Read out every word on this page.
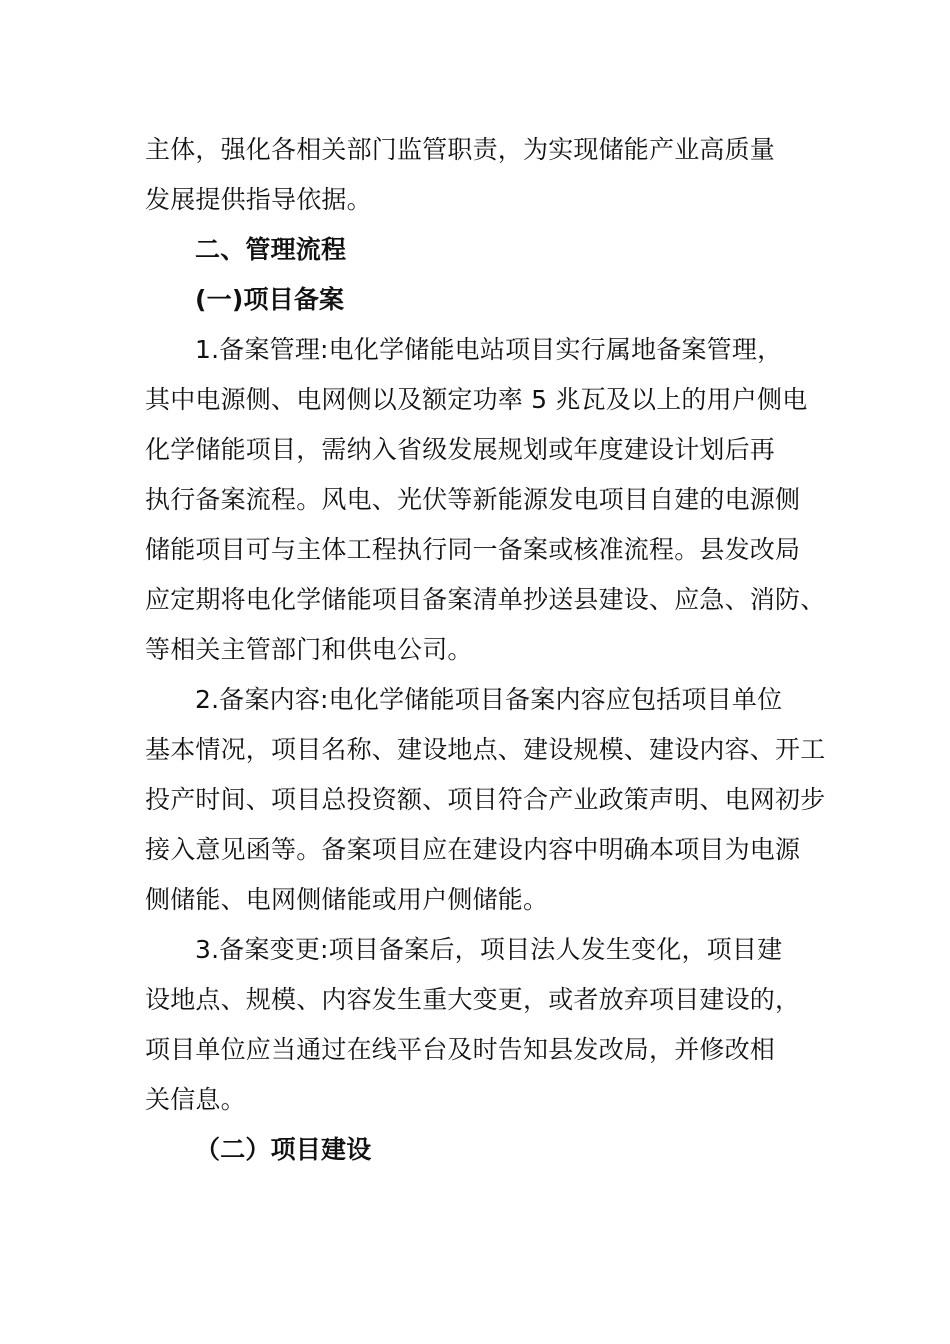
主体，强化各相关部门监管职责，为实现储能产业高质量
发展提供指导依据。
二、管理流程
(一)项目备案
1.备案管理:电化学储能电站项目实行属地备案管理，
其中电源侧、电网侧以及额定功率 5 兆瓦及以上的用户侧电
化学储能项目，需纳入省级发展规划或年度建设计划后再
执行备案流程。风电、光伏等新能源发电项目自建的电源侧
储能项目可与主体工程执行同一备案或核准流程。县发改局
应定期将电化学储能项目备案清单抄送县建设、应急、消防、
等相关主管部门和供电公司。
2.备案内容:电化学储能项目备案内容应包括项目单位
基本情况，项目名称、建设地点、建设规模、建设内容、开工
投产时间、项目总投资额、项目符合产业政策声明、电网初步
接入意见函等。备案项目应在建设内容中明确本项目为电源
侧储能、电网侧储能或用户侧储能。
3.备案变更:项目备案后，项目法人发生变化，项目建
设地点、规模、内容发生重大变更，或者放弃项目建设的，
项目单位应当通过在线平台及时告知县发改局，并修改相
关信息。
（二）项目建设
